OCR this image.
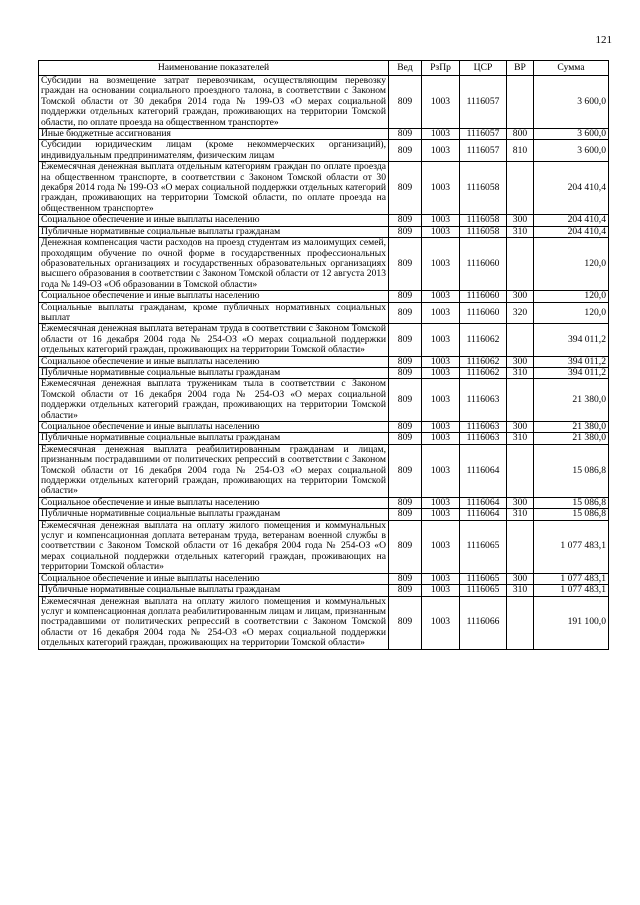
121
Наименование показателей	Вед	РзПр	ЦСР	ВР	Сумма
Субсидии на возмещение затрат перевозчикам, осуществляющим перевозку граждан на основании социального проездного талона, в соответствии с Законом Томской области от 30 декабря 2014 года № 199-ОЗ «О мерах социальной поддержки отдельных категорий граждан, проживающих на территории Томской области, по оплате проезда на общественном транспорте»	809	1003	1116057		3 600,0
Иные бюджетные ассигнования	809	1003	1116057	800	3 600,0
Субсидии юридическим лицам (кроме некоммерческих организаций), индивидуальным предпринимателям, физическим лицам	809	1003	1116057	810	3 600,0
Ежемесячная денежная выплата отдельным категориям граждан по оплате проезда на общественном транспорте, в соответствии с Законом Томской области от 30 декабря 2014 года № 199-ОЗ «О мерах социальной поддержки отдельных категорий граждан, проживающих на территории Томской области, по оплате проезда на общественном транспорте»	809	1003	1116058		204 410,4
Социальное обеспечение и иные выплаты населению	809	1003	1116058	300	204 410,4
Публичные нормативные социальные выплаты гражданам	809	1003	1116058	310	204 410,4
Денежная компенсация части расходов на проезд студентам из малоимущих семей, проходящим обучение по очной форме в государственных профессиональных образовательных организациях и государственных образовательных организациях высшего образования в соответствии с Законом Томской области от 12 августа 2013 года № 149-ОЗ «Об образовании в Томской области»	809	1003	1116060		120,0
Социальное обеспечение и иные выплаты населению	809	1003	1116060	300	120,0
Социальные выплаты гражданам, кроме публичных нормативных социальных выплат	809	1003	1116060	320	120,0
Ежемесячная денежная выплата ветеранам труда в соответствии с Законом Томской области от 16 декабря 2004 года № 254-ОЗ «О мерах социальной поддержки отдельных категорий граждан, проживающих на территории Томской области»	809	1003	1116062		394 011,2
Социальное обеспечение и иные выплаты населению	809	1003	1116062	300	394 011,2
Публичные нормативные социальные выплаты гражданам	809	1003	1116062	310	394 011,2
Ежемесячная денежная выплата труженикам тыла в соответствии с Законом Томской области от 16 декабря 2004 года № 254-ОЗ «О мерах социальной поддержки отдельных категорий граждан, проживающих на территории Томской области»	809	1003	1116063		21 380,0
Социальное обеспечение и иные выплаты населению	809	1003	1116063	300	21 380,0
Публичные нормативные социальные выплаты гражданам	809	1003	1116063	310	21 380,0
Ежемесячная денежная выплата реабилитированным гражданам и лицам, признанным пострадавшими от политических репрессий в соответствии с Законом Томской области от 16 декабря 2004 года № 254-ОЗ «О мерах социальной поддержки отдельных категорий граждан, проживающих на территории Томской области»	809	1003	1116064		15 086,8
Социальное обеспечение и иные выплаты населению	809	1003	1116064	300	15 086,8
Публичные нормативные социальные выплаты гражданам	809	1003	1116064	310	15 086,8
Ежемесячная денежная выплата на оплату жилого помещения и коммунальных услуг и компенсационная доплата ветеранам труда, ветеранам военной службы в соответствии с Законом Томской области от 16 декабря 2004 года № 254-ОЗ «О мерах социальной поддержки отдельных категорий граждан, проживающих на территории Томской области»	809	1003	1116065		1 077 483,1
Социальное обеспечение и иные выплаты населению	809	1003	1116065	300	1 077 483,1
Публичные нормативные социальные выплаты гражданам	809	1003	1116065	310	1 077 483,1
Ежемесячная денежная выплата на оплату жилого помещения и коммунальных услуг и компенсационная доплата реабилитированным лицам и лицам, признанным пострадавшими от политических репрессий в соответствии с Законом Томской области от 16 декабря 2004 года № 254-ОЗ «О мерах социальной поддержки отдельных категорий граждан, проживающих на территории Томской области»	809	1003	1116066		191 100,0
